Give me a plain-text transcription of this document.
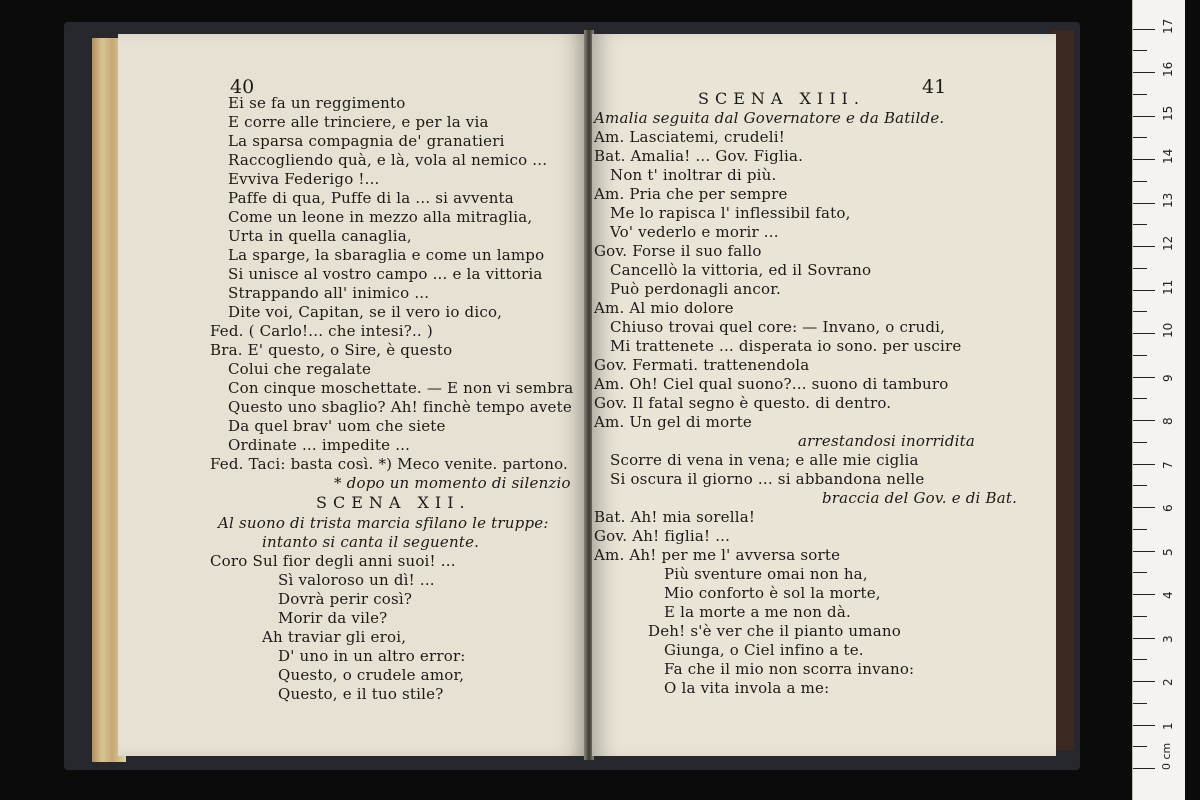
40
Ei se fa un reggimento
E corre alle trinciere, e per la via
La sparsa compagnia de' granatieri
Raccogliendo quà, e là, vola al nemico ...
Evviva Federigo !...
Paffe di qua, Puffe di la ... si avventa
Come un leone in mezzo alla mitraglia,
Urta in quella canaglia,
La sparge, la sbaraglia e come un lampo
Si unisce al vostro campo ... e la vittoria
Strappando all' inimico ...
Dite voi, Capitan, se il vero io dico,
Fed. ( Carlo!... che intesi?.. )
Bra. E' questo, o Sire, è questo
Colui che regalate
Con cinque moschettate. — E non vi sembra
Questo uno sbaglio? Ah! finchè tempo avete
Da quel brav' uom che siete
Ordinate ... impedite ...
Fed. Taci: basta così. *) Meco venite. partono.
* dopo un momento di silenzio
SCENA XII.
Al suono di trista marcia sfilano le truppe:
intanto si canta il seguente.
Coro Sul fior degli anni suoi! ...
Sì valoroso un dì! ...
Dovrà perir così?
Morir da vile?
Ah traviar gli eroi,
D' uno in un altro error:
Questo, o crudele amor,
Questo, e il tuo stile?
41
SCENA XIII.
Amalia seguita dal Governatore e da Batilde.
Am. Lasciatemi, crudeli!
Bat. Amalia! ... Gov. Figlia.
Non t' inoltrar di più.
Am. Pria che per sempre
Me lo rapisca l' inflessibil fato,
Vo' vederlo e morir ...
Gov. Forse il suo fallo
Cancellò la vittoria, ed il Sovrano
Può perdonagli ancor.
Am. Al mio dolore
Chiuso trovai quel core: — Invano, o crudi,
Mi trattenete ... disperata io sono. per uscire
Gov. Fermati. trattenendola
Am. Oh! Ciel qual suono?... suono di tamburo
Gov. Il fatal segno è questo. di dentro.
Am. Un gel di morte
arrestandosi inorridita
Scorre di vena in vena; e alle mie ciglia
Si oscura il giorno ... si abbandona nelle
braccia del Gov. e di Bat.
Bat. Ah! mia sorella!
Gov. Ah! figlia! ...
Am. Ah! per me l' avversa sorte
Più sventure omai non ha,
Mio conforto è sol la morte,
E la morte a me non dà.
Deh! s'è ver che il pianto umano
Giunga, o Ciel infino a te.
Fa che il mio non scorra invano:
O la vita invola a me:
1
2
3
4
5
6
7
8
9
10
11
12
13
14
15
16
17
0 cm
